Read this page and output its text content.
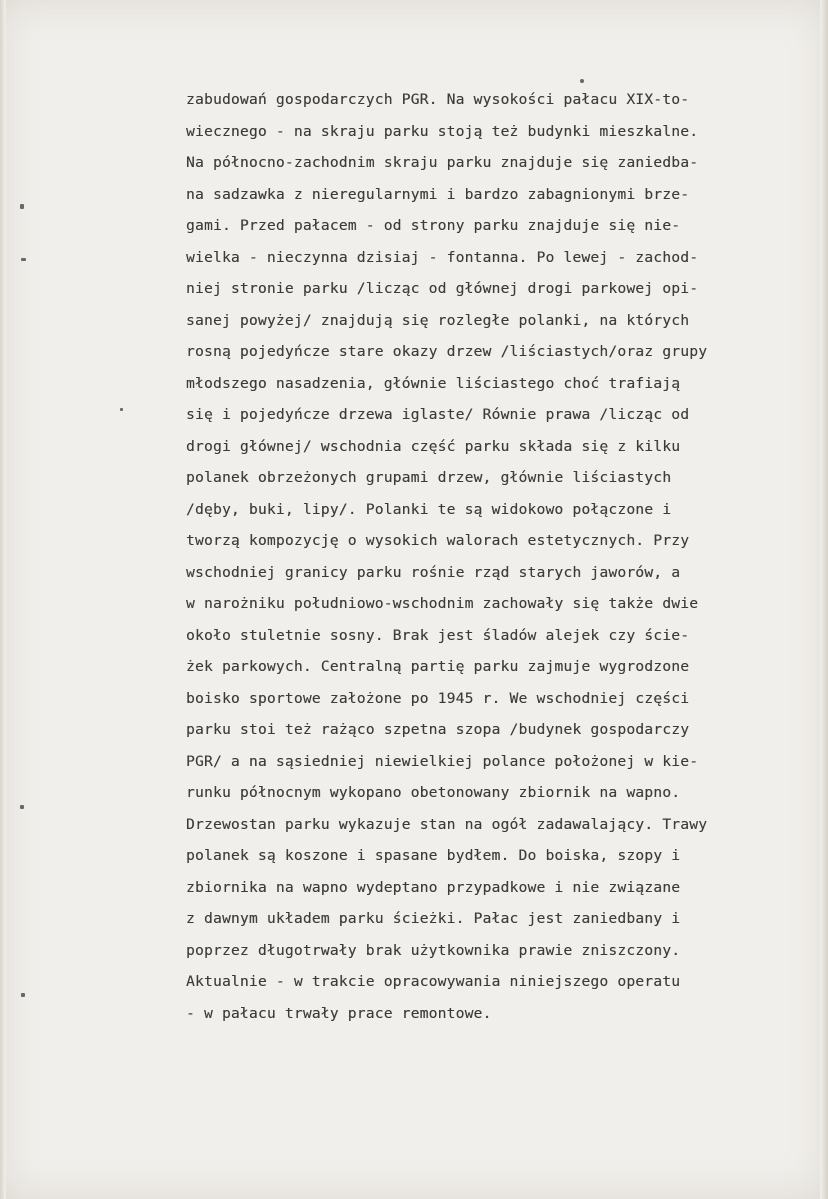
zabudowań gospodarczych PGR. Na wysokości pałacu XIX-to-
wiecznego - na skraju parku stoją też budynki mieszkalne.
Na północno-zachodnim skraju parku znajduje się zaniedba-
na sadzawka z nieregularnymi i bardzo zabagnionymi brze-
gami. Przed pałacem - od strony parku znajduje się nie-
wielka - nieczynna dzisiaj - fontanna. Po lewej - zachod-
niej stronie parku /licząc od głównej drogi parkowej opi-
sanej powyżej/ znajdują się rozległe polanki, na których
rosną pojedyńcze stare okazy drzew /liściastych/oraz grupy
młodszego nasadzenia, głównie liściastego choć trafiają
się i pojedyńcze drzewa iglaste/ Równie prawa /licząc od
drogi głównej/ wschodnia część parku składa się z kilku
polanek obrzeżonych grupami drzew, głównie liściastych
/dęby, buki, lipy/. Polanki te są widokowo połączone i
tworzą kompozycję o wysokich walorach estetycznych. Przy
wschodniej granicy parku rośnie rząd starych jaworów, a
w narożniku południowo-wschodnim zachowały się także dwie
około stuletnie sosny. Brak jest śladów alejek czy ście-
żek parkowych. Centralną partię parku zajmuje wygrodzone
boisko sportowe założone po 1945 r. We wschodniej części
parku stoi też rażąco szpetna szopa /budynek gospodarczy
PGR/ a na sąsiedniej niewielkiej polance położonej w kie-
runku północnym wykopano obetonowany zbiornik na wapno.
Drzewostan parku wykazuje stan na ogół zadawalający. Trawy
polanek są koszone i spasane bydłem. Do boiska, szopy i
zbiornika na wapno wydeptano przypadkowe i nie związane
z dawnym układem parku ścieżki. Pałac jest zaniedbany i
poprzez długotrwały brak użytkownika prawie zniszczony.
Aktualnie - w trakcie opracowywania niniejszego operatu
- w pałacu trwały prace remontowe.
